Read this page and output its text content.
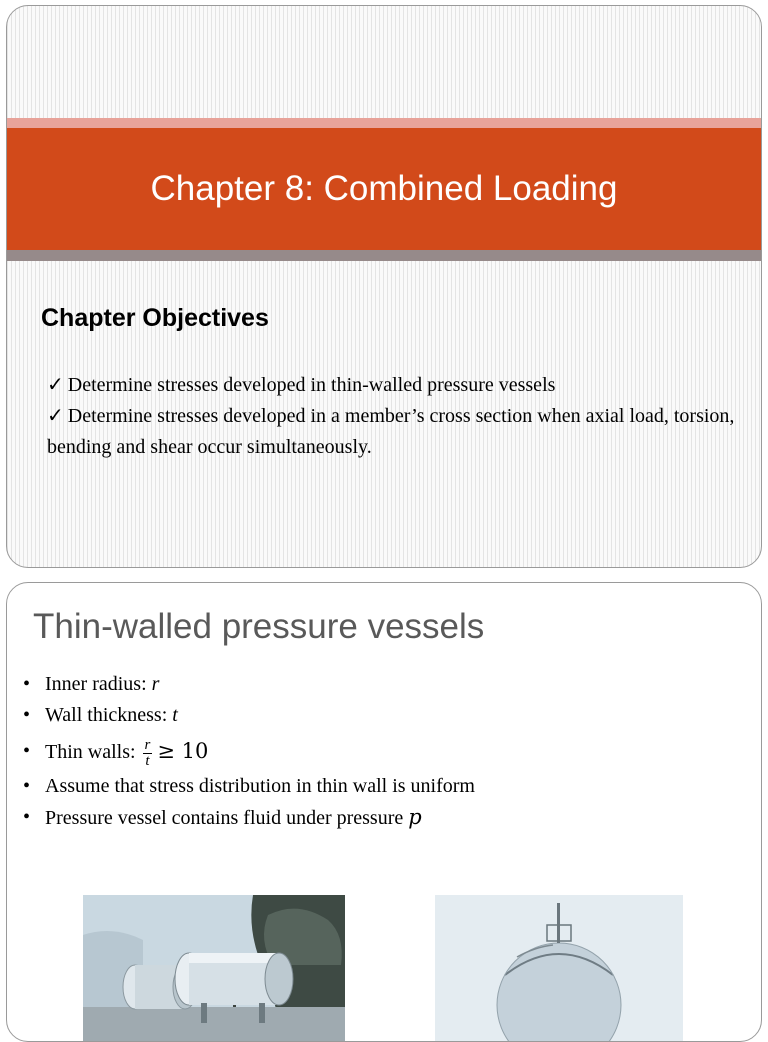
Chapter 8: Combined Loading
Chapter Objectives
✓ Determine stresses developed in thin-walled pressure vessels
✓ Determine stresses developed in a member’s cross section when axial load, torsion, bending and shear occur simultaneously.
Thin-walled pressure vessels
• Inner radius: r
• Wall thickness: t
• Thin walls: $\frac{r}{t} \ge 10$
• Assume that stress distribution in thin wall is uniform
• Pressure vessel contains fluid under pressure p
